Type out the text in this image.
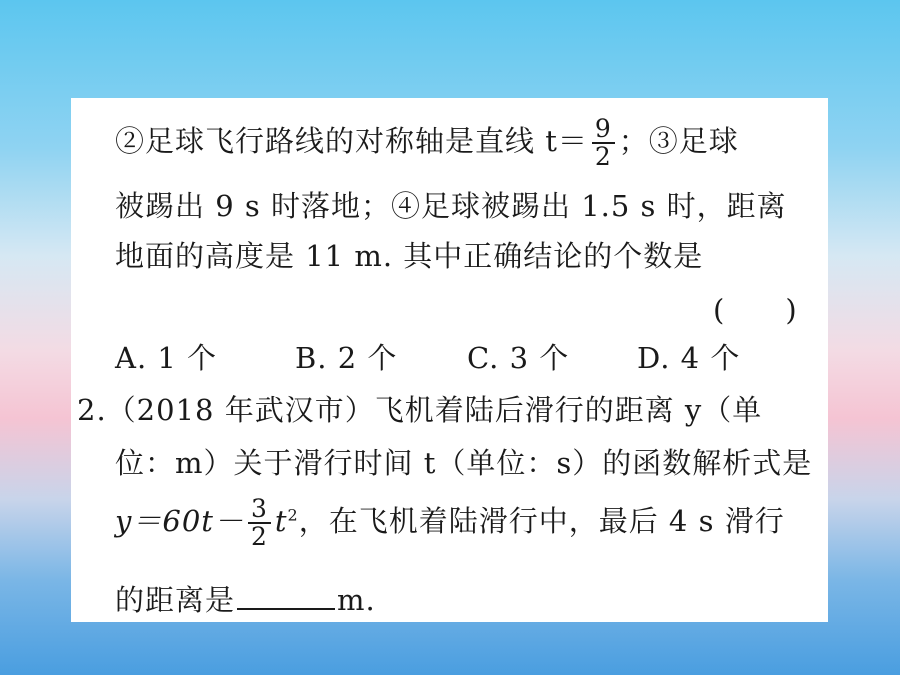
②足球飞行路线的对称轴是直线 $t= \frac{9}{2}$ ；③足球
被踢出 9 s 时落地；④足球被踢出 1.5 s 时，距离
地面的高度是 11 m. 其中正确结论的个数是
(　　)
A. 1 个	B. 2 个 C. 3 个 D. 4 个
2.（2018 年武汉市）飞机着陆后滑行的距离 y（单
位：m）关于滑行时间 t（单位：s）的函数解析式是
$y=60t- \frac{3}{2} t^2$，在飞机着陆滑行中，最后 4 s 滑行
的距离是	m.
